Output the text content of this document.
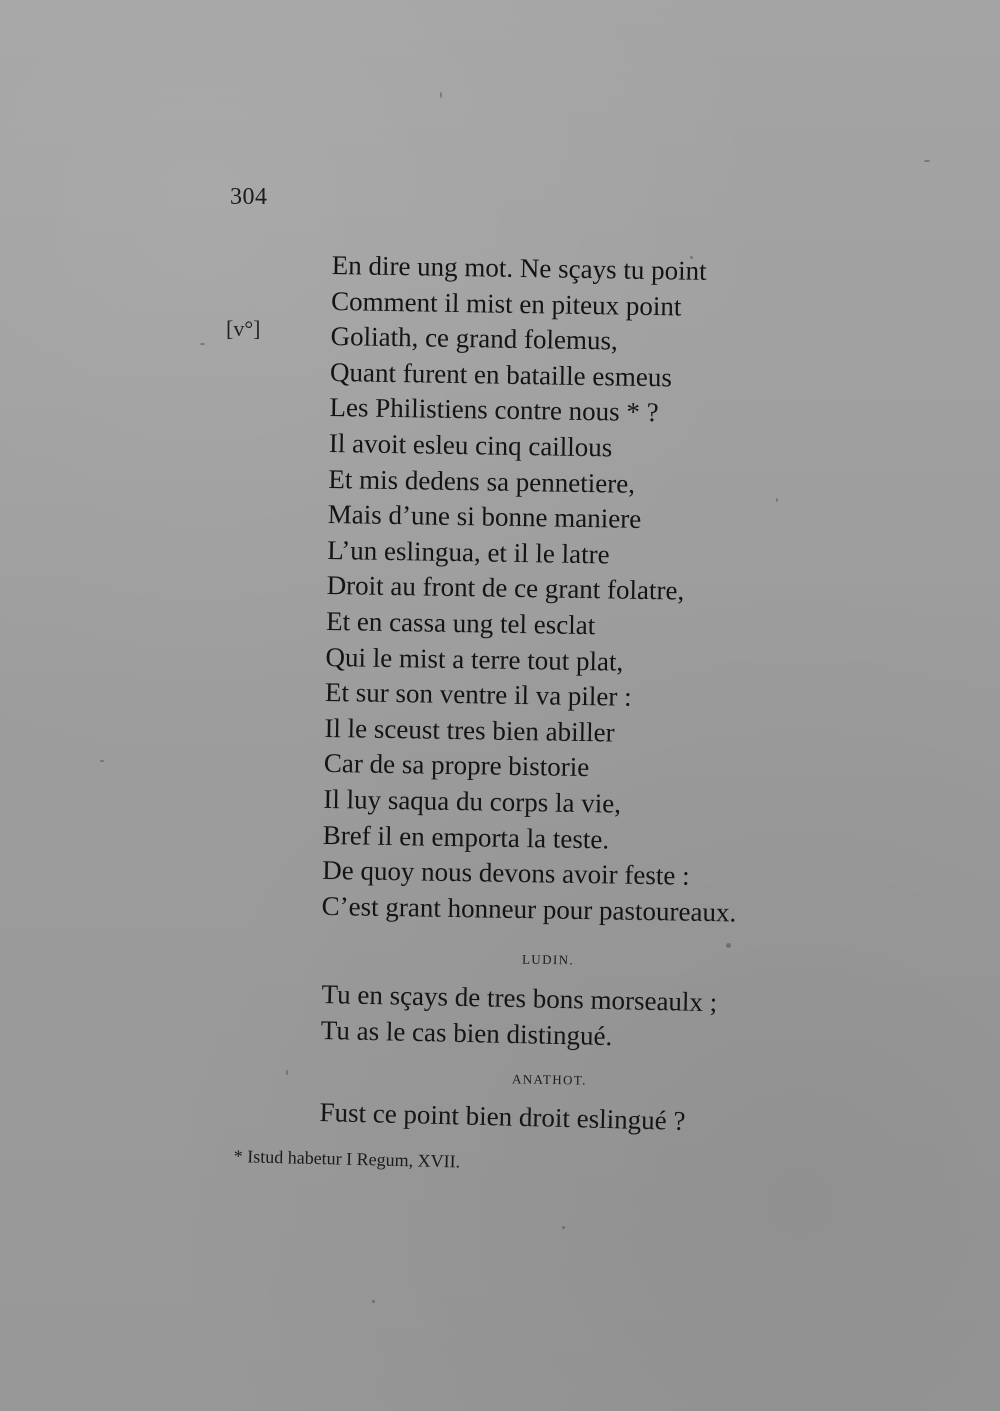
304
[v°]
En dire ung mot. Ne sçays tu point
Comment il mist en piteux point
Goliath, ce grand folemus,
Quant furent en bataille esmeus
Les Philistiens contre nous * ?
Il avoit esleu cinq caillous
Et mis dedens sa pennetiere,
Mais d’une si bonne maniere
L’un eslingua, et il le latre
Droit au front de ce grant folatre,
Et en cassa ung tel esclat
Qui le mist a terre tout plat,
Et sur son ventre il va piler :
Il le sceust tres bien abiller
Car de sa propre bistorie
Il luy saqua du corps la vie,
Bref il en emporta la teste.
De quoy nous devons avoir feste :
C’est grant honneur pour pastoureaux.
LUDIN.
Tu en sçays de tres bons morseaulx ;
Tu as le cas bien distingué.
ANATHOT.
Fust ce point bien droit eslingué ?
* Istud habetur I Regum, XVII.
